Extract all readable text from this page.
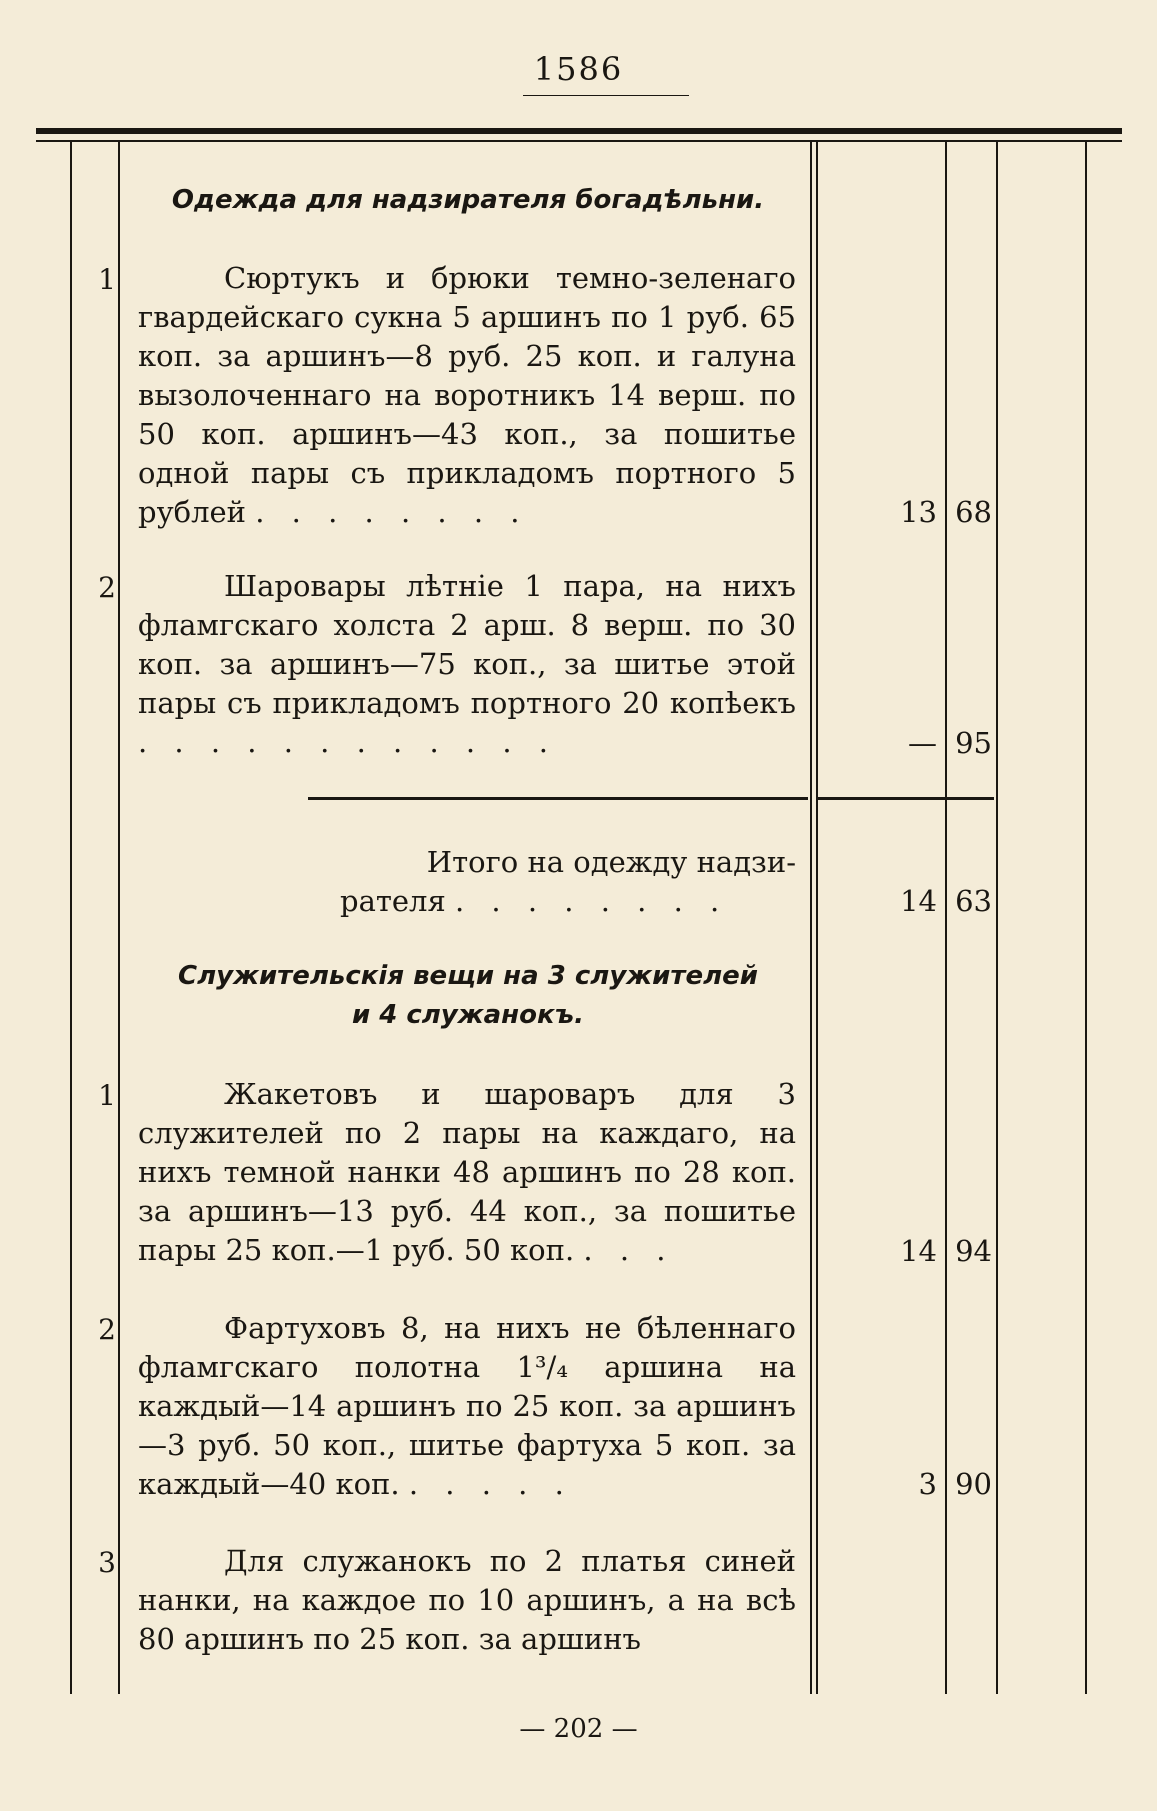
1586
Одежда для надзирателя богадѣльни.
1	Сюртукъ и брюки темно-зеленаго гвардейскаго сукна 5 аршинъ по 1 руб. 65 коп. за аршинъ—8 руб. 25 коп. и галуна вызолоченнаго на воротникъ 14 верш. по 50 коп. аршинъ—43 коп., за пошитье одной пары съ прикладомъ портного 5 рублей . . . . . . . .	13 68
2	Шаровары лѣтніе 1 пара, на нихъ фламгскаго холста 2 арш. 8 верш. по 30 коп. за аршинъ—75 коп., за шитье этой пары съ прикладомъ портного 20 копѣекъ . . . . . . . . . . . .	— 95
Итого на одежду надзи-
рателя . . . . . . . .	14 63
Служительскія вещи на 3 служителей
и 4 служанокъ.
1	Жакетовъ и шароваръ для 3 служителей по 2 пары на каждаго, на нихъ темной нанки 48 аршинъ по 28 коп. за аршинъ—13 руб. 44 коп., за пошитье пары 25 коп.—1 руб. 50 коп. . . .	14 94
2	Фартуховъ 8, на нихъ не бѣленнаго фламгскаго полотна 1³/₄ аршина на каждый—14 аршинъ по 25 коп. за аршинъ—3 руб. 50 коп., шитье фартуха 5 коп. за каждый—40 коп. . . . . .	3 90
3	Для служанокъ по 2 платья синей нанки, на каждое по 10 аршинъ, а на всѣ 80 аршинъ по 25 коп. за аршинъ
— 202 —
